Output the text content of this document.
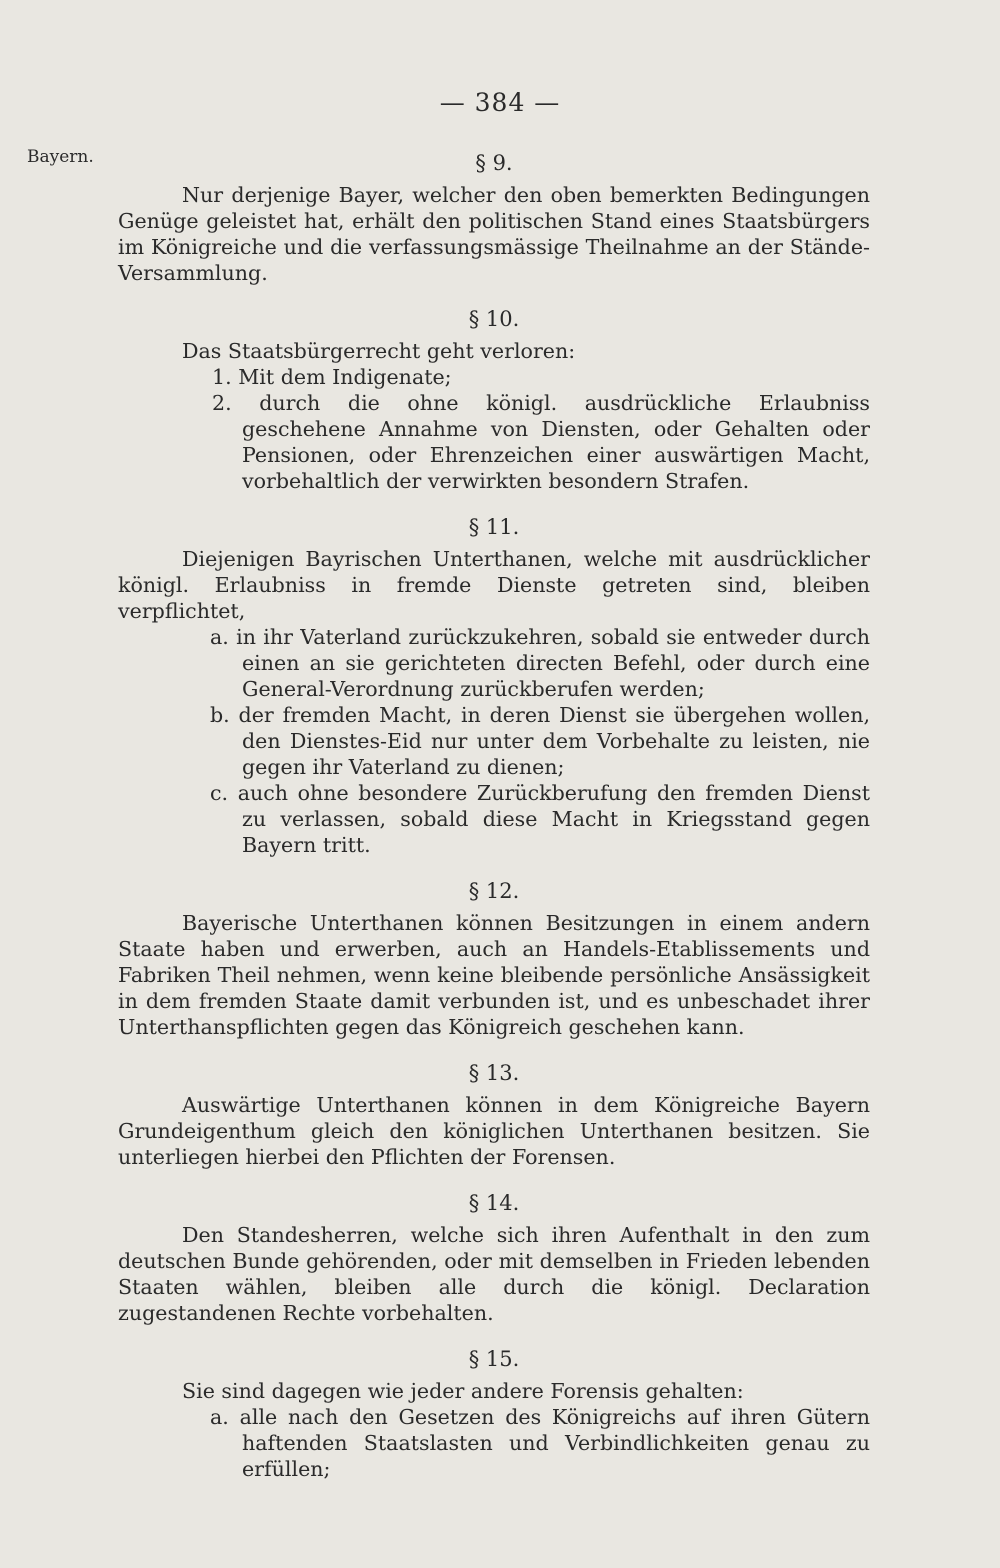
— 384 —
Bayern.	§ 9.

Nur derjenige Bayer, welcher den oben bemerkten Bedingungen Genüge geleistet hat, erhält den politischen Stand eines Staatsbürgers im Königreiche und die verfassungsmässige Theilnahme an der Stände-Versammlung.

§ 10.

Das Staatsbürgerrecht geht verloren:

1. Mit dem Indigenate;
2. durch die ohne königl. ausdrückliche Erlaubniss geschehene Annahme von Diensten, oder Gehalten oder Pensionen, oder Ehrenzeichen einer auswärtigen Macht, vorbehaltlich der verwirkten besondern Strafen.
§ 11.

Diejenigen Bayrischen Unterthanen, welche mit ausdrücklicher königl. Erlaubniss in fremde Dienste getreten sind, bleiben verpflichtet,

a. in ihr Vaterland zurückzukehren, sobald sie entweder durch einen an sie gerichteten directen Befehl, oder durch eine General-Verordnung zurückberufen werden;
b. der fremden Macht, in deren Dienst sie übergehen wollen, den Dienstes-Eid nur unter dem Vorbehalte zu leisten, nie gegen ihr Vaterland zu dienen;
c. auch ohne besondere Zurückberufung den fremden Dienst zu verlassen, sobald diese Macht in Kriegsstand gegen Bayern tritt.
§ 12.

Bayerische Unterthanen können Besitzungen in einem andern Staate haben und erwerben, auch an Handels-Etablissements und Fabriken Theil nehmen, wenn keine bleibende persönliche Ansässigkeit in dem fremden Staate damit verbunden ist, und es unbeschadet ihrer Unterthanspflichten gegen das Königreich geschehen kann.

§ 13.

Auswärtige Unterthanen können in dem Königreiche Bayern Grundeigenthum gleich den königlichen Unterthanen besitzen. Sie unterliegen hierbei den Pflichten der Forensen.

§ 14.

Den Standesherren, welche sich ihren Aufenthalt in den zum deutschen Bunde gehörenden, oder mit demselben in Frieden lebenden Staaten wählen, bleiben alle durch die königl. Declaration zugestandenen Rechte vorbehalten.

§ 15.

Sie sind dagegen wie jeder andere Forensis gehalten:

a. alle nach den Gesetzen des Königreichs auf ihren Gütern haftenden Staatslasten und Verbindlichkeiten genau zu erfüllen;
